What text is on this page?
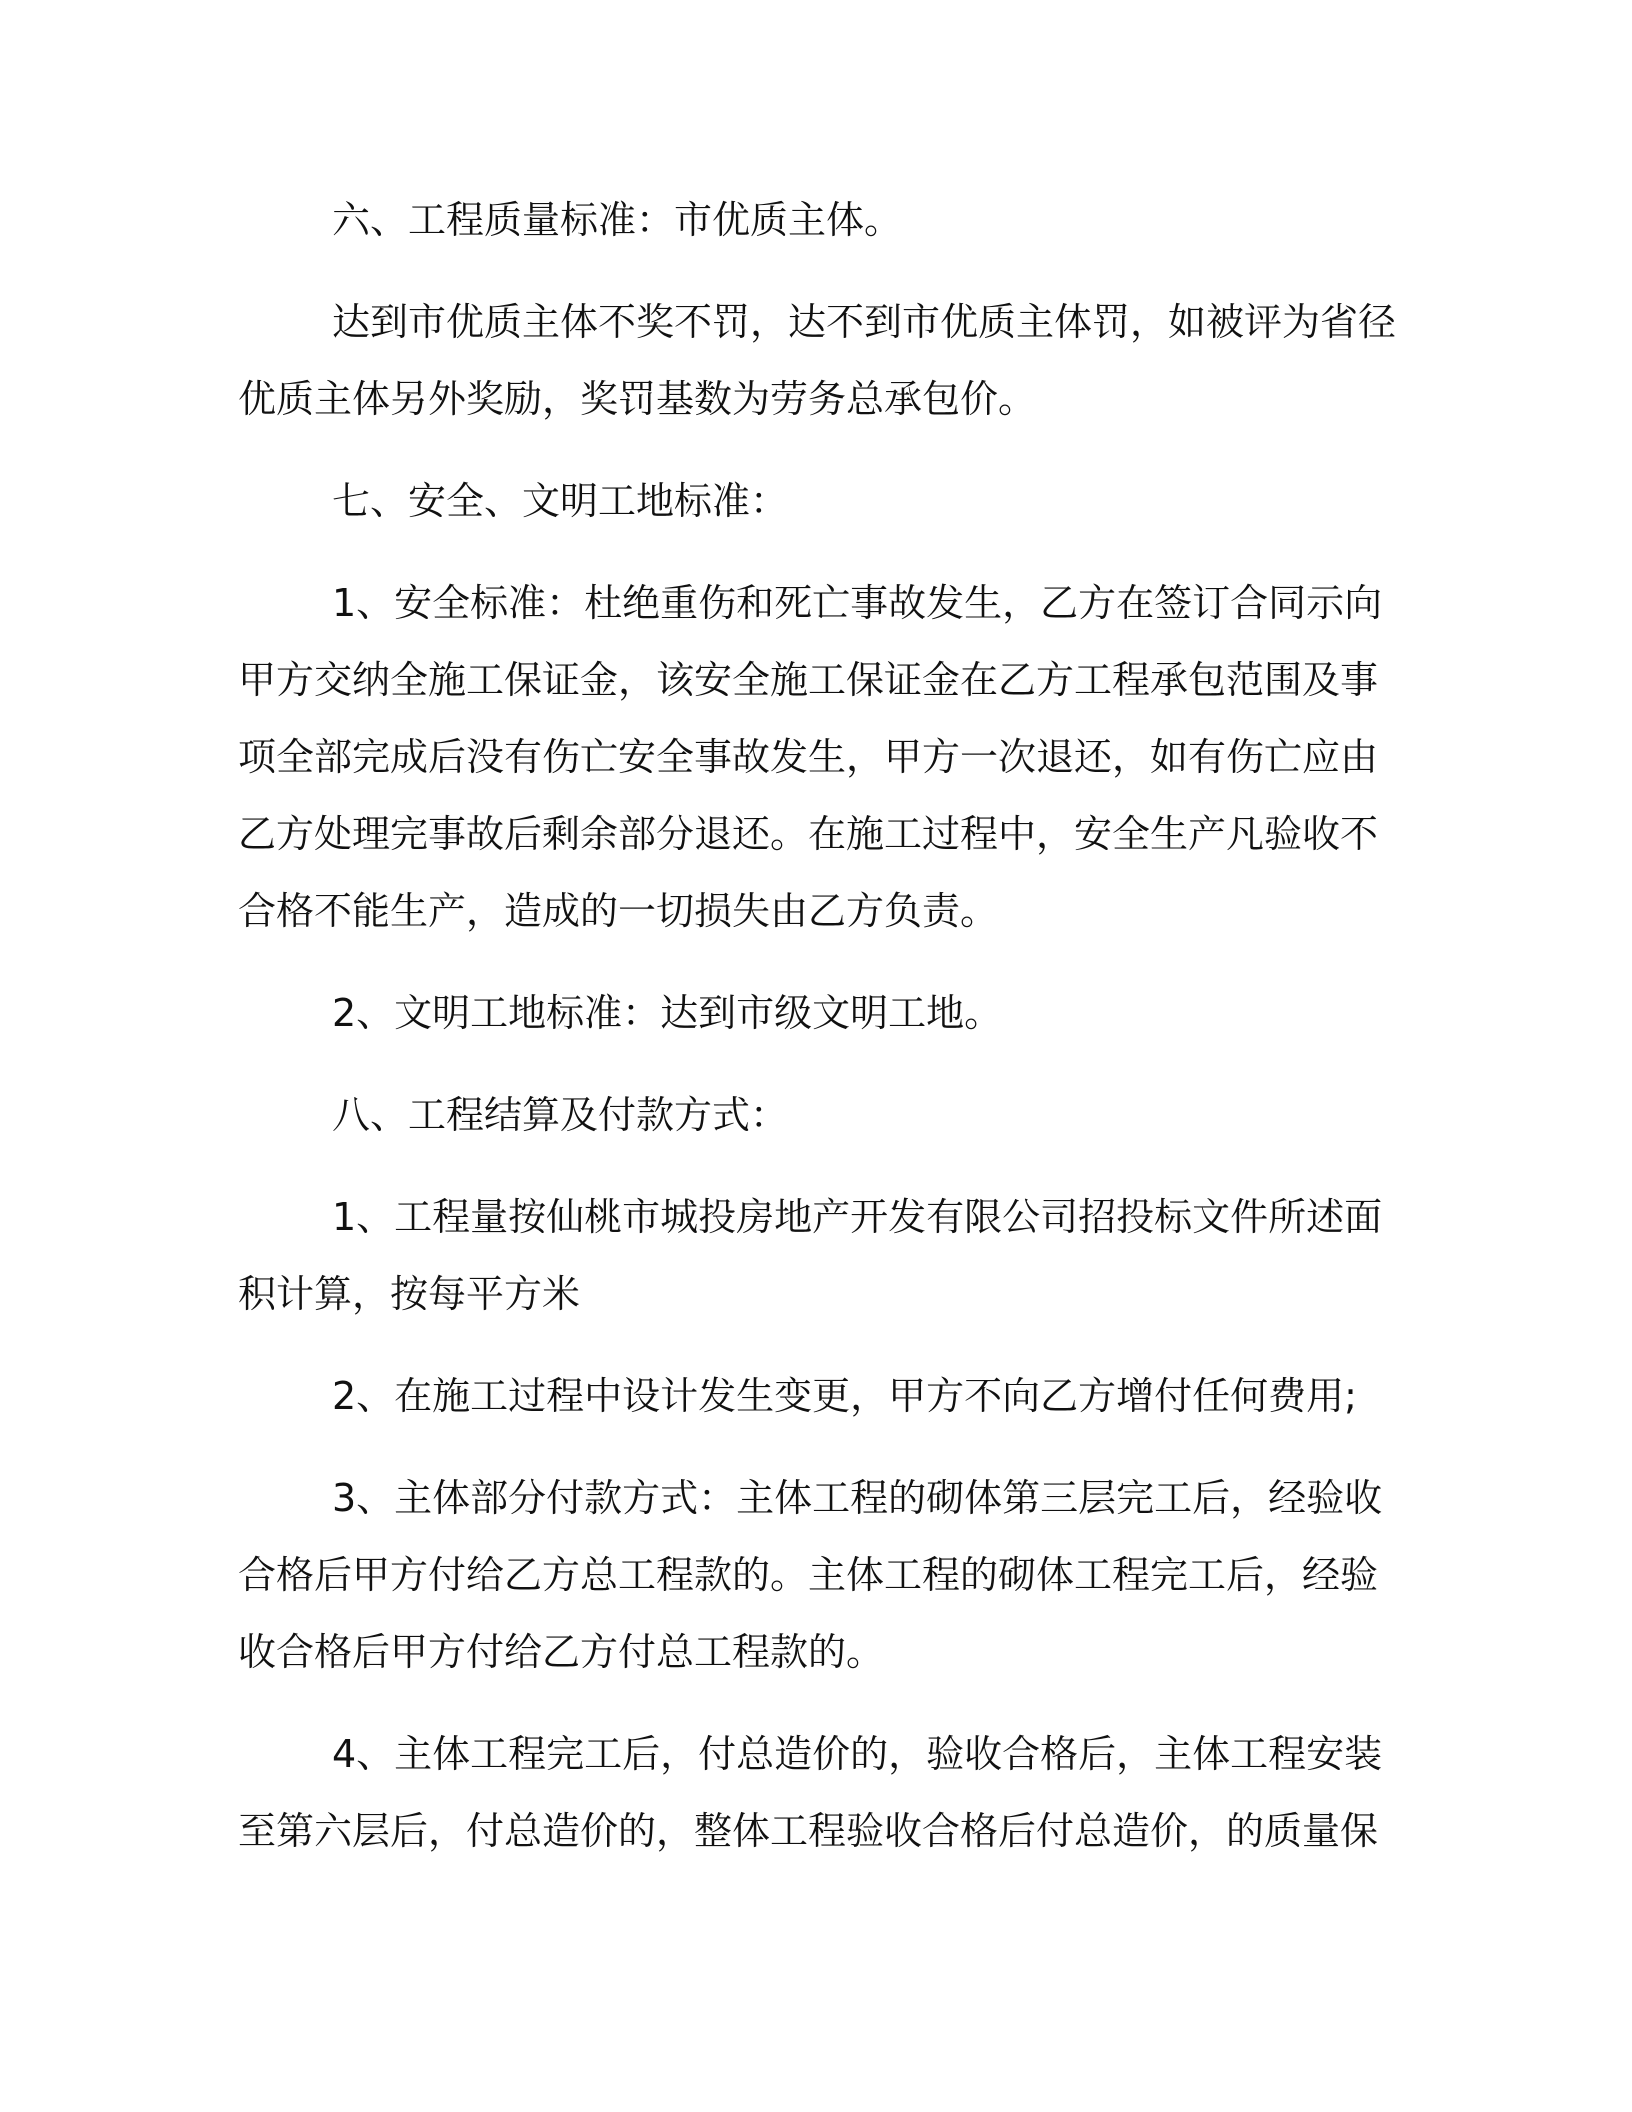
六、工程质量标准：市优质主体。

达到市优质主体不奖不罚，达不到市优质主体罚，如被评为省径

优质主体另外奖励，奖罚基数为劳务总承包价。

七、安全、文明工地标准：

1、安全标准：杜绝重伤和死亡事故发生，乙方在签订合同示向

甲方交纳全施工保证金，该安全施工保证金在乙方工程承包范围及事

项全部完成后没有伤亡安全事故发生，甲方一次退还，如有伤亡应由

乙方处理完事故后剩余部分退还。在施工过程中，安全生产凡验收不

合格不能生产，造成的一切损失由乙方负责。

2、文明工地标准：达到市级文明工地。

八、工程结算及付款方式：

1、工程量按仙桃市城投房地产开发有限公司招投标文件所述面

积计算，按每平方米

2、在施工过程中设计发生变更，甲方不向乙方增付任何费用;

3、主体部分付款方式：主体工程的砌体第三层完工后，经验收

合格后甲方付给乙方总工程款的。主体工程的砌体工程完工后，经验

收合格后甲方付给乙方付总工程款的。

4、主体工程完工后，付总造价的，验收合格后，主体工程安装

至第六层后，付总造价的，整体工程验收合格后付总造价，的质量保
